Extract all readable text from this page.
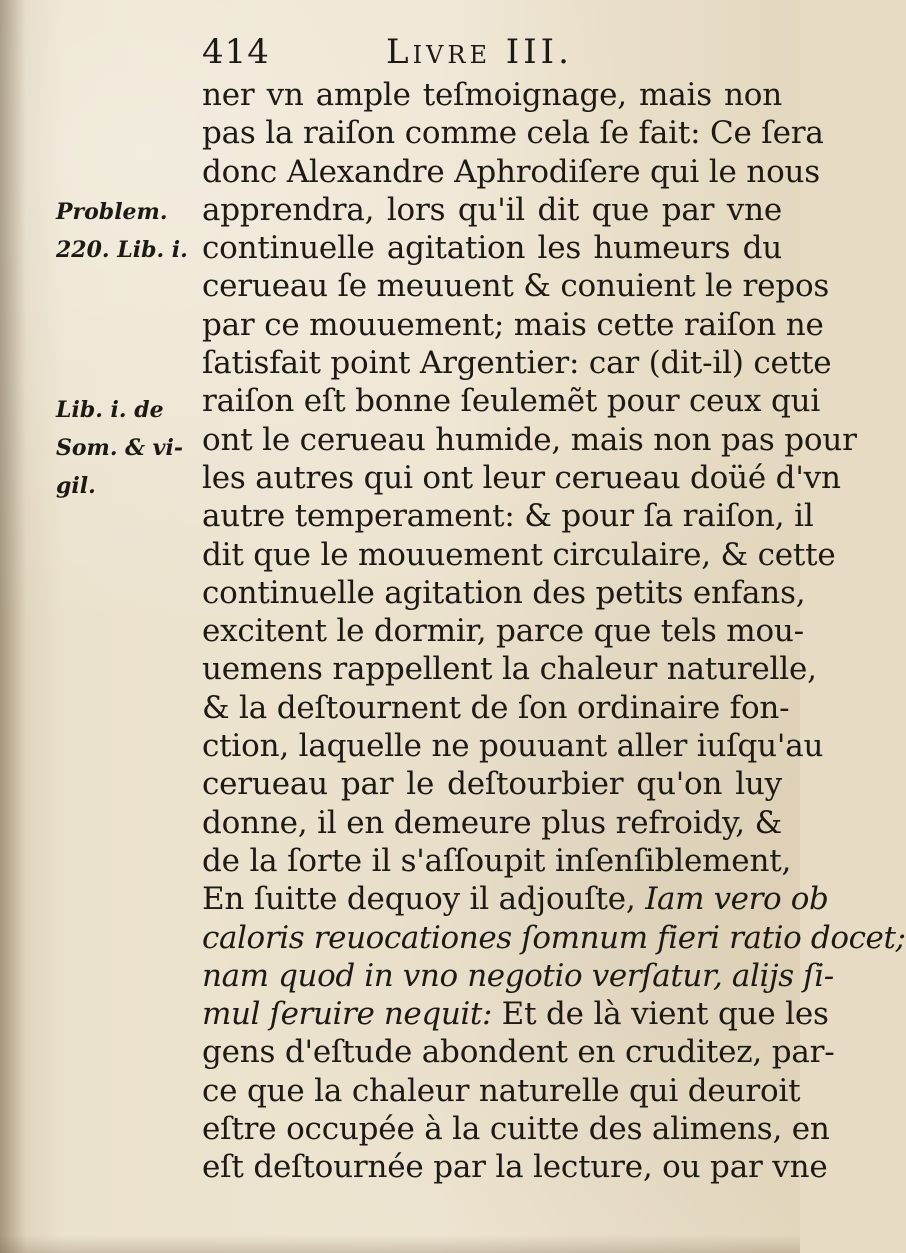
414	Livre III.
Problem.
220. Lib. i.
Lib. i. de
Som. & vi-
gil.
ner vn ample teſmoignage, mais non
pas la raiſon comme cela ſe fait: Ce ſera
donc Alexandre Aphrodiſere qui le nous
apprendra, lors qu'il dit que par vne
continuelle agitation les humeurs du
cerueau ſe meuuent & conuient le repos
par ce mouuement; mais cette raiſon ne
ſatisfait point Argentier: car (dit-il) cette
raiſon eſt bonne ſeulemẽt pour ceux qui
ont le cerueau humide, mais non pas pour
les autres qui ont leur cerueau doüé d'vn
autre temperament: & pour ſa raiſon, il
dit que le mouuement circulaire, & cette
continuelle agitation des petits enfans,
excitent le dormir, parce que tels mou-
uemens rappellent la chaleur naturelle,
& la deſtournent de ſon ordinaire fon-
ction, laquelle ne pouuant aller iuſqu'au
cerueau par le deſtourbier qu'on luy
donne, il en demeure plus refroidy, &
de la ſorte il s'aſſoupit inſenſiblement,
En ſuitte dequoy il adjouſte, Iam vero ob
caloris reuocationes ſomnum fieri ratio docet;
nam quod in vno negotio verſatur, alijs ſi-
mul ſeruire nequit: Et de là vient que les
gens d'eſtude abondent en cruditez, par-
ce que la chaleur naturelle qui deuroit
eſtre occupée à la cuitte des alimens, en
eſt deſtournée par la lecture, ou par vne
